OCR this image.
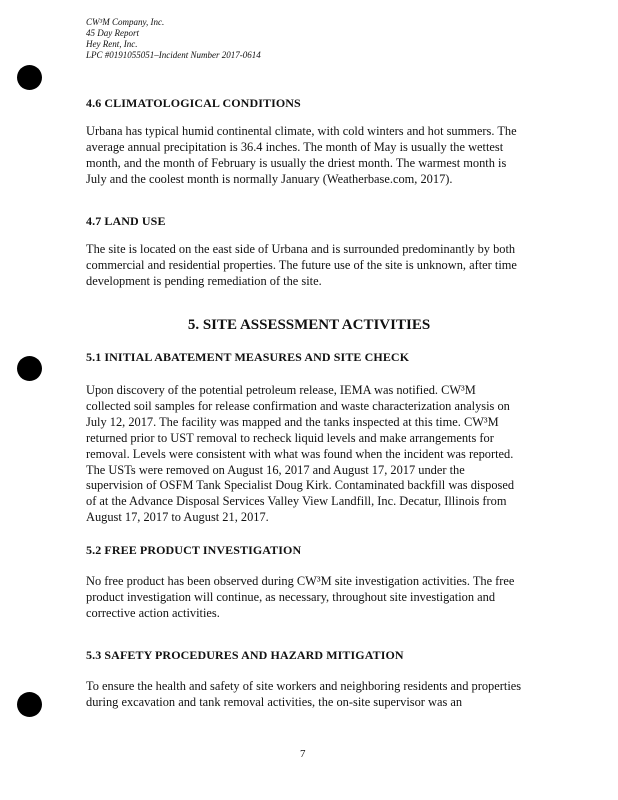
CW³M Company, Inc.
45 Day Report
Hey Rent, Inc.
LPC #0191055051–Incident Number 2017-0614
4.6 CLIMATOLOGICAL CONDITIONS
Urbana has typical humid continental climate, with cold winters and hot summers. The
average annual precipitation is 36.4 inches. The month of May is usually the wettest
month, and the month of February is usually the driest month. The warmest month is
July and the coolest month is normally January (Weatherbase.com, 2017).
4.7 LAND USE
The site is located on the east side of Urbana and is surrounded predominantly by both
commercial and residential properties. The future use of the site is unknown, after time
development is pending remediation of the site.
5. SITE ASSESSMENT ACTIVITIES
5.1 INITIAL ABATEMENT MEASURES AND SITE CHECK
Upon discovery of the potential petroleum release, IEMA was notified. CW³M
collected soil samples for release confirmation and waste characterization analysis on
July 12, 2017. The facility was mapped and the tanks inspected at this time. CW³M
returned prior to UST removal to recheck liquid levels and make arrangements for
removal. Levels were consistent with what was found when the incident was reported.
The USTs were removed on August 16, 2017 and August 17, 2017 under the
supervision of OSFM Tank Specialist Doug Kirk. Contaminated backfill was disposed
of at the Advance Disposal Services Valley View Landfill, Inc. Decatur, Illinois from
August 17, 2017 to August 21, 2017.
5.2 FREE PRODUCT INVESTIGATION
No free product has been observed during CW³M site investigation activities. The free
product investigation will continue, as necessary, throughout site investigation and
corrective action activities.
5.3 SAFETY PROCEDURES AND HAZARD MITIGATION
To ensure the health and safety of site workers and neighboring residents and properties
during excavation and tank removal activities, the on-site supervisor was an
7
